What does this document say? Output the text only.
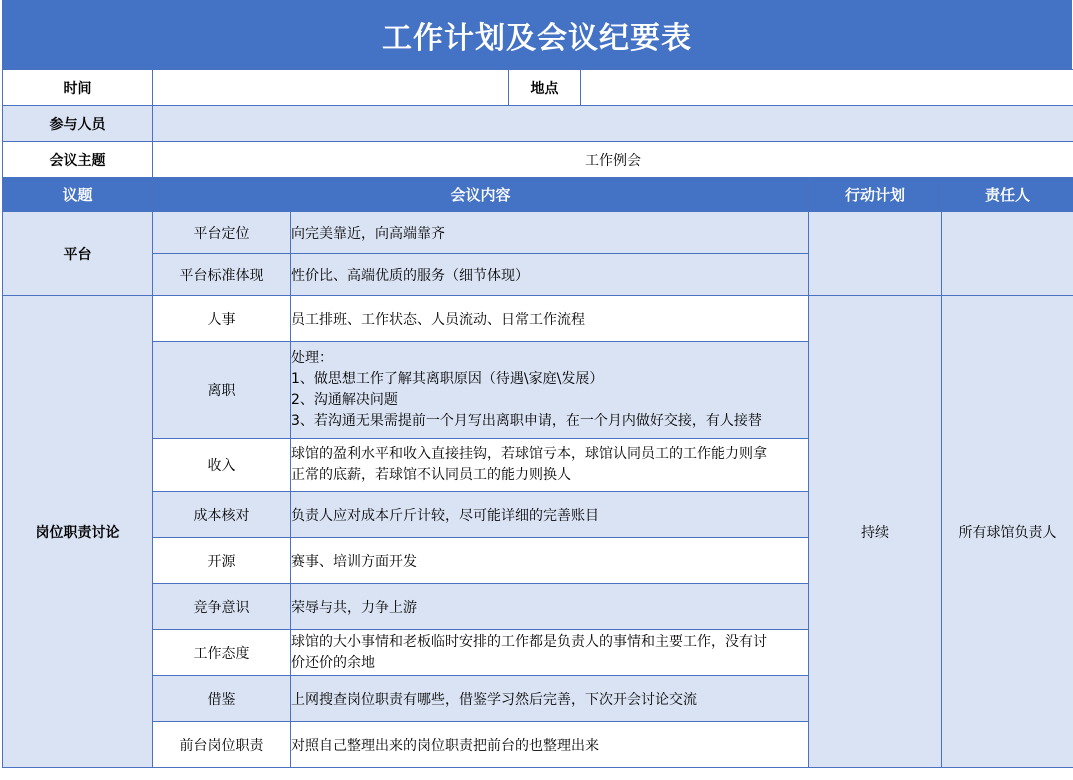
工作计划及会议纪要表
时间			地点			
参与人员						
会议主题	工作例会					
议题	会议内容				行动计划	责任人
平台	平台定位	向完美靠近，向高端靠齐				
	平台标准体现	性价比、高端优质的服务（细节体现）				
岗位职责讨论	人事	员工排班、工作状态、人员流动、日常工作流程			持续	所有球馆负责人
	离职	处理：
1、做思想工作了解其离职原因（待遇\家庭\发展）
2、沟通解决问题
3、若沟通无果需提前一个月写出离职申请，在一个月内做好交接，有人接替				

	收入	球馆的盈利水平和收入直接挂钩，若球馆亏本，球馆认同员工的工作能力则拿
正常的底薪，若球馆不认同员工的能力则换人				

	成本核对	负责人应对成本斤斤计较，尽可能详细的完善账目				
	开源	赛事、培训方面开发				
	竞争意识	荣辱与共，力争上游				
	工作态度	球馆的大小事情和老板临时安排的工作都是负责人的事情和主要工作，没有讨
价还价的余地				

	借鉴	上网搜查岗位职责有哪些，借鉴学习然后完善，下次开会讨论交流				
	前台岗位职责	对照自己整理出来的岗位职责把前台的也整理出来				
